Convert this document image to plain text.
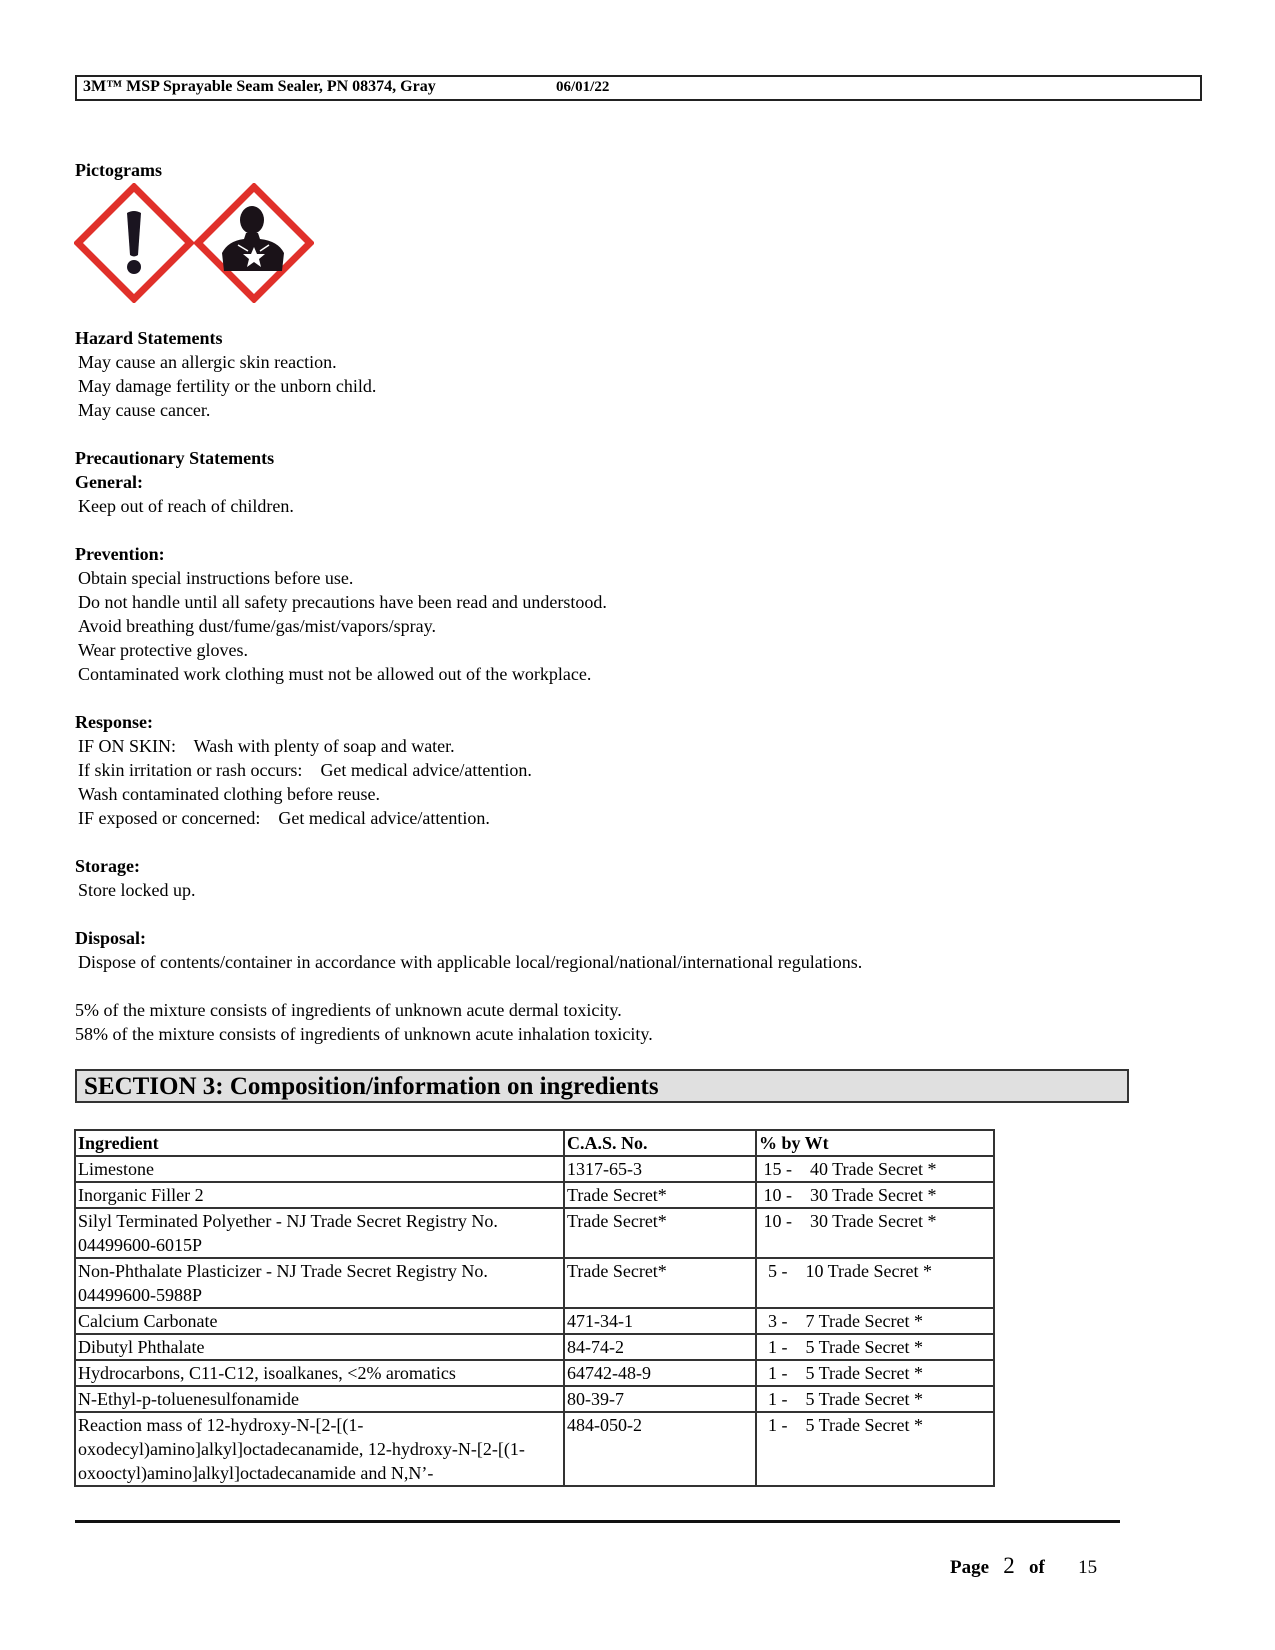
3M™ MSP Sprayable Seam Sealer, PN 08374, Gray	06/01/22
Pictograms
Hazard Statements
May cause an allergic skin reaction.
May damage fertility or the unborn child.
May cause cancer.
Precautionary Statements
General:
Keep out of reach of children.
Prevention:
Obtain special instructions before use.
Do not handle until all safety precautions have been read and understood.
Avoid breathing dust/fume/gas/mist/vapors/spray.
Wear protective gloves.
Contaminated work clothing must not be allowed out of the workplace.
Response:
IF ON SKIN:    Wash with plenty of soap and water.
If skin irritation or rash occurs:    Get medical advice/attention.
Wash contaminated clothing before reuse.
IF exposed or concerned:    Get medical advice/attention.
Storage:
Store locked up.
Disposal:
Dispose of contents/container in accordance with applicable local/regional/national/international regulations.
5% of the mixture consists of ingredients of unknown acute dermal toxicity.
58% of the mixture consists of ingredients of unknown acute inhalation toxicity.
SECTION 3: Composition/information on ingredients
Ingredient	C.A.S. No.	% by Wt
Limestone	1317-65-3	15 -    40 Trade Secret *
Inorganic Filler 2	Trade Secret*	10 -    30 Trade Secret *
Silyl Terminated Polyether - NJ Trade Secret Registry No. 04499600-6015P	Trade Secret*	10 -    30 Trade Secret *
Non-Phthalate Plasticizer - NJ Trade Secret Registry No. 04499600-5988P	Trade Secret*	5 -    10 Trade Secret *
Calcium Carbonate	471-34-1	3 -    7 Trade Secret *
Dibutyl Phthalate	84-74-2	1 -    5 Trade Secret *
Hydrocarbons, C11-C12, isoalkanes, <2% aromatics	64742-48-9	1 -    5 Trade Secret *
N-Ethyl-p-toluenesulfonamide	80-39-7	1 -    5 Trade Secret *
Reaction mass of 12-hydroxy-N-[2-[(1-oxodecyl)amino]alkyl]octadecanamide, 12-hydroxy-N-[2-[(1-oxooctyl)amino]alkyl]octadecanamide and N,N’-	484-050-2	1 -    5 Trade Secret *
Page 2 of 15
